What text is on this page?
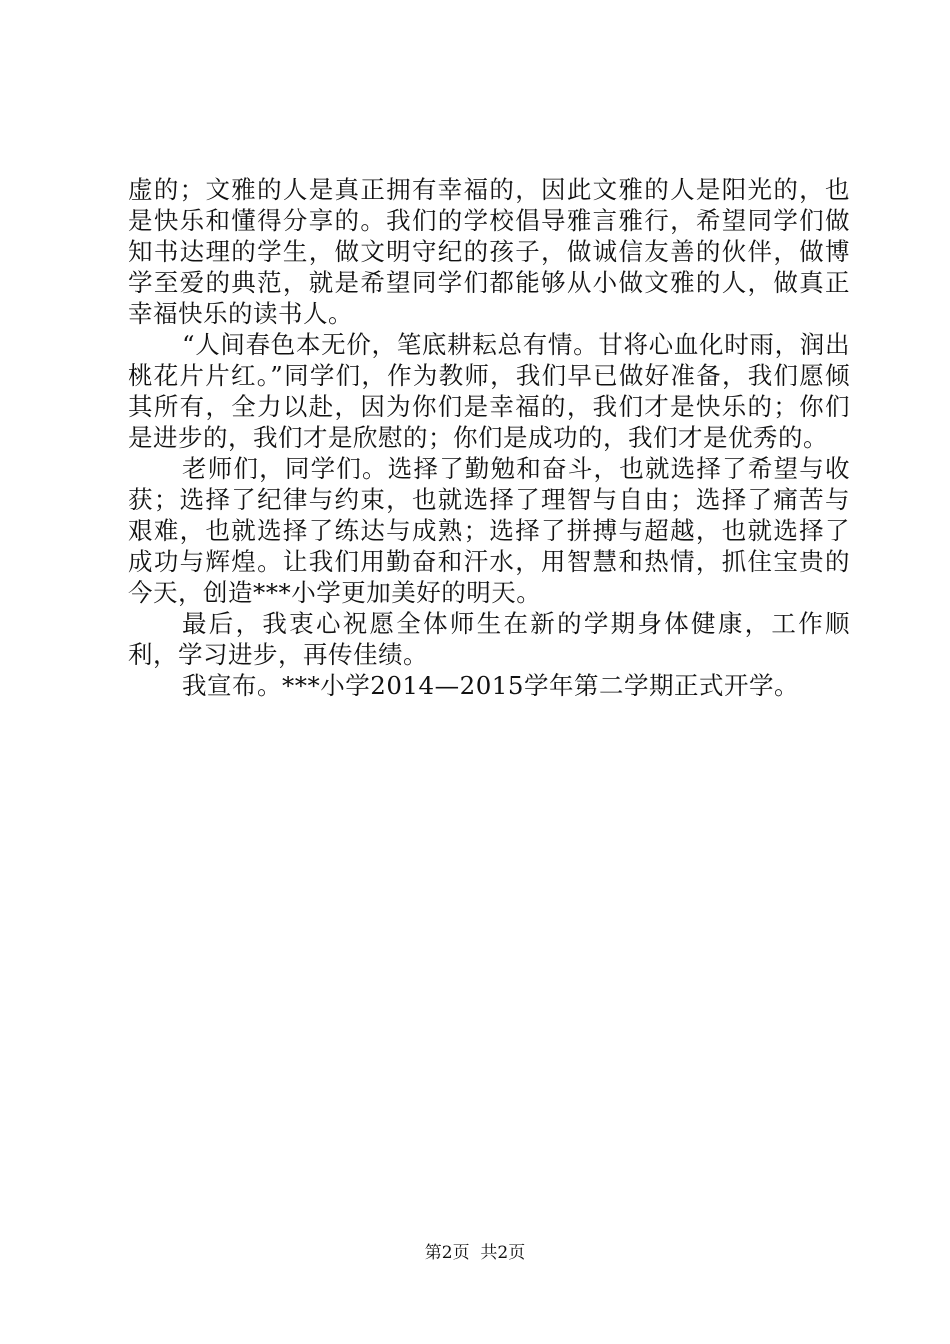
虚的；文雅的人是真正拥有幸福的，因此文雅的人是阳光的，也是快乐和懂得分享的。我们的学校倡导雅言雅行，希望同学们做知书达理的学生，做文明守纪的孩子，做诚信友善的伙伴，做博学至爱的典范，就是希望同学们都能够从小做文雅的人，做真正幸福快乐的读书人。

“人间春色本无价，笔底耕耘总有情。甘将心血化时雨，润出桃花片片红。”同学们，作为教师，我们早已做好准备，我们愿倾其所有，全力以赴，因为你们是幸福的，我们才是快乐的；你们是进步的，我们才是欣慰的；你们是成功的，我们才是优秀的。

老师们，同学们。选择了勤勉和奋斗，也就选择了希望与收获；选择了纪律与约束，也就选择了理智与自由；选择了痛苦与艰难，也就选择了练达与成熟；选择了拼搏与超越，也就选择了成功与辉煌。让我们用勤奋和汗水，用智慧和热情，抓住宝贵的今天，创造***小学更加美好的明天。

最后，我衷心祝愿全体师生在新的学期身体健康，工作顺利，学习进步，再传佳绩。

我宣布。***小学2014—2015学年第二学期正式开学。

第2页  共2页
